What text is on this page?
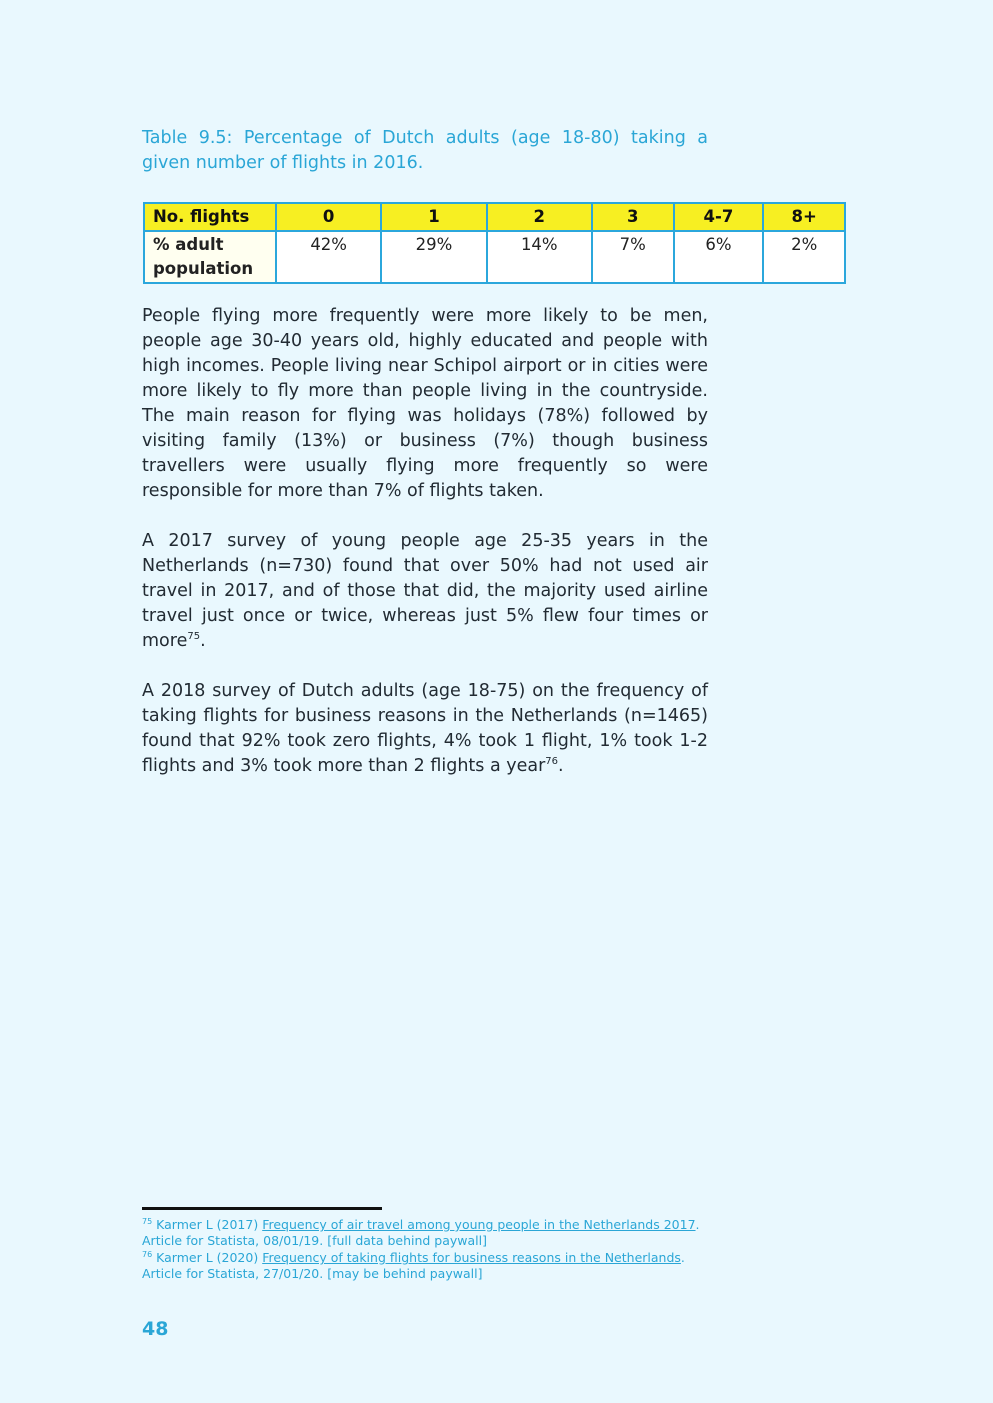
Table 9.5: Percentage of Dutch adults (age 18-80) taking a given number of flights in 2016.
No. flights	0	1	2	3	4-7	8+
% adult population	42%	29%	14%	7%	6%	2%

People flying more frequently were more likely to be men, people age 30-40 years old, highly educated and people with high incomes. People living near Schipol airport or in cities were more likely to fly more than people living in the countryside. The main reason for flying was holidays (78%) followed by visiting family (13%) or business (7%) though business travellers were usually flying more frequently so were responsible for more than 7% of flights taken.

A 2017 survey of young people age 25-35 years in the Netherlands (n=730) found that over 50% had not used air travel in 2017, and of those that did, the majority used airline travel just once or twice, whereas just 5% flew four times or more$^{75}$.

A 2018 survey of Dutch adults (age 18-75) on the frequency of taking flights for business reasons in the Netherlands (n=1465) found that 92% took zero flights, 4% took 1 flight, 1% took 1-2 flights and 3% took more than 2 flights a year$^{76}$.

$^{75}$ Karmer L (2017) Frequency of air travel among young people in the Netherlands 2017. Article for Statista, 08/01/19. [full data behind paywall]
$^{76}$ Karmer L (2020) Frequency of taking flights for business reasons in the Netherlands. Article for Statista, 27/01/20. [may be behind paywall]
48
